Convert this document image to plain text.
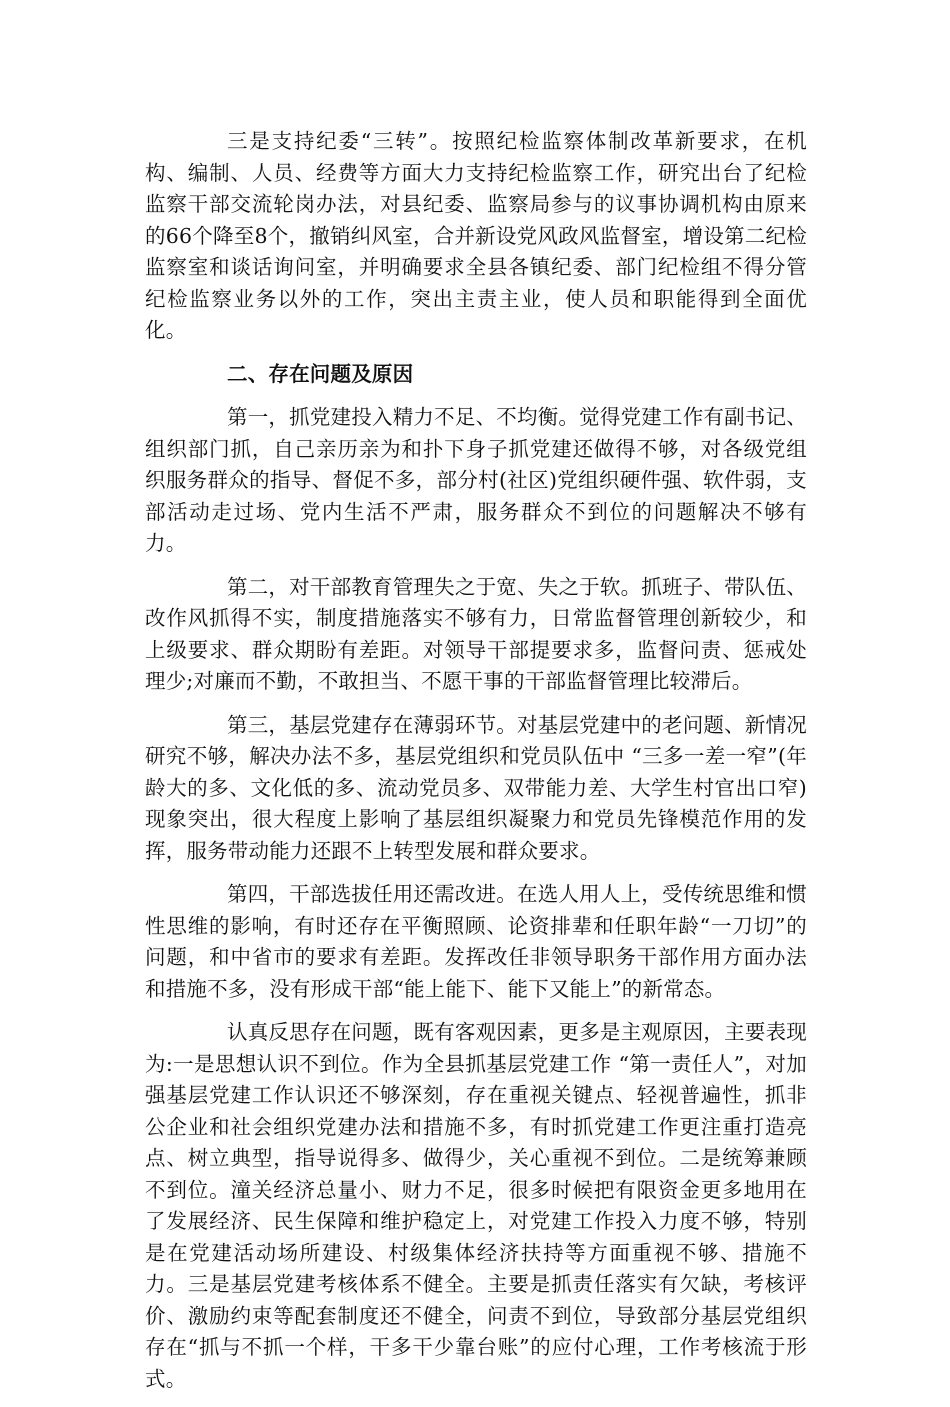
三是支持纪委“三转”。按照纪检监察体制改革新要求，在机构、编制、人员、经费等方面大力支持纪检监察工作，研究出台了纪检监察干部交流轮岗办法，对县纪委、监察局参与的议事协调机构由原来的66个降至8个，撤销纠风室，合并新设党风政风监督室，增设第二纪检监察室和谈话询问室，并明确要求全县各镇纪委、部门纪检组不得分管纪检监察业务以外的工作，突出主责主业，使人员和职能得到全面优化。

二、存在问题及原因

第一，抓党建投入精力不足、不均衡。觉得党建工作有副书记、组织部门抓，自己亲历亲为和扑下身子抓党建还做得不够，对各级党组织服务群众的指导、督促不多，部分村(社区)党组织硬件强、软件弱，支部活动走过场、党内生活不严肃，服务群众不到位的问题解决不够有力。

第二，对干部教育管理失之于宽、失之于软。抓班子、带队伍、改作风抓得不实，制度措施落实不够有力，日常监督管理创新较少，和上级要求、群众期盼有差距。对领导干部提要求多，监督问责、惩戒处理少;对廉而不勤，不敢担当、不愿干事的干部监督管理比较滞后。

第三，基层党建存在薄弱环节。对基层党建中的老问题、新情况研究不够，解决办法不多，基层党组织和党员队伍中 “三多一差一窄”(年龄大的多、文化低的多、流动党员多、双带能力差、大学生村官出口窄)现象突出，很大程度上影响了基层组织凝聚力和党员先锋模范作用的发挥，服务带动能力还跟不上转型发展和群众要求。

第四，干部选拔任用还需改进。在选人用人上，受传统思维和惯性思维的影响，有时还存在平衡照顾、论资排辈和任职年龄“一刀切”的问题，和中省市的要求有差距。发挥改任非领导职务干部作用方面办法和措施不多，没有形成干部“能上能下、能下又能上”的新常态。

认真反思存在问题，既有客观因素，更多是主观原因，主要表现为:一是思想认识不到位。作为全县抓基层党建工作 “第一责任人”，对加强基层党建工作认识还不够深刻，存在重视关键点、轻视普遍性，抓非公企业和社会组织党建办法和措施不多，有时抓党建工作更注重打造亮点、树立典型，指导说得多、做得少，关心重视不到位。二是统筹兼顾不到位。潼关经济总量小、财力不足，很多时候把有限资金更多地用在了发展经济、民生保障和维护稳定上，对党建工作投入力度不够，特别是在党建活动场所建设、村级集体经济扶持等方面重视不够、措施不力。三是基层党建考核体系不健全。主要是抓责任落实有欠缺，考核评价、激励约束等配套制度还不健全，问责不到位，导致部分基层党组织存在“抓与不抓一个样，干多干少靠台账”的应付心理，工作考核流于形式。
